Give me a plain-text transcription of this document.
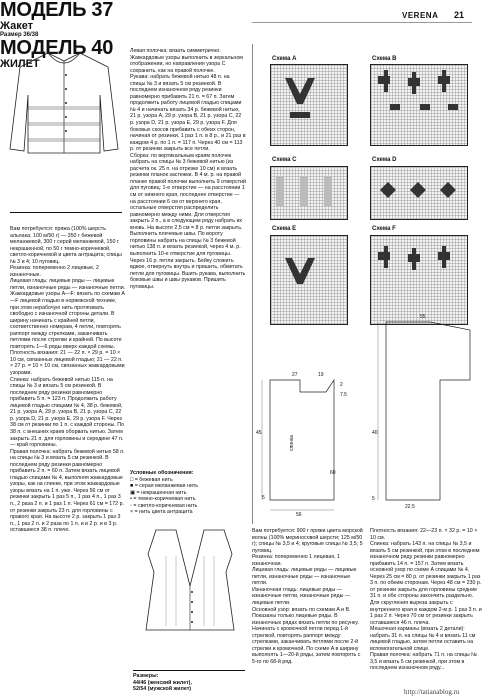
VERENA 21
МОДЕЛЬ 37
Жакет
Размер 36/38
Вам потребуется: пряжа (100% шерсть альпака; 100 м/50 г) — 350 г бежевой меланжевой, 300 г серой меланжевой, 150 г некрашенной, по 50 г темно-коричневой, светло-коричневой и цвета антрацита; спицы № 3 и 4; 10 пуговиц.
Резинка: попеременно 2 лицевые, 2 изнаночные.
Лицевая гладь: лицевые ряды — лицевые петли, изнаночные ряды — изнаночные петли.
Жаккардовые узоры A—F: вязать по схемам A—F лицевой гладью в норвежской технике, при этом нерабочую нить протягивать свободно с изнаночной стороны детали. В ширину начинать с крайней петли, соответственно номерам, 4 петли, повторять раппорт между стрелками, заканчивать петлями после стрелки и крайней. По высоте повторять 1—6 ряды вверх каждой схемы.
Плотность вязания: 21 — 22 п. × 29 р. = 10 × 10 см, связанных лицевой гладью; 21 — 22 п. × 27 р. = 10 × 10 см, связанных жаккардовыми узорами.
Спинка: набрать бежевой нитью 115 п. на спицы № 3 и вязать 5 см резинкой. В последнем ряду резинки равномерно прибавить 5 п. = 123 п. Продолжить работу лицевой гладью спицами № 4, 38 р. бежевой, 21 р. узора A, 29 р. узора B, 21 р. узора C, 22 р. узора D, 21 р. узора E, 29 р. узора F. Через 38 см от резинки по 1 п. с каждой стороны. По 38 п. с внешних краев оборвать нитью. Затем закрыть 21 п. для горловины и середине 47 п. — край горловины.
Правая полочка: набрать бежевой нитью 58 п. на спицы № 3 и вязать 5 см резинкой. В последнем ряду резинки равномерно прибавить 2 п. = 60 п. Затем вязать лицевой гладью спицами № 4, выполняя жаккардовые узоры, как на спинке, при этом жаккардовые узоры вязать на 1 п. уже. Через 56 см от резинки закрыть 1 раз 5 п., 1 раз 4 п., 1 раз 3 п., 2 раза 2 п. и 1 раз 1 п. Через 61 см = 172 р. от резинки закрыть 23 п. для горловины с правого края. На высоте 2 р. закрыть 1 раз 3 п., 1 раз 2 п. и 2 раза по 1 п. и в 2 р. и в 3 р. оставшиеся 38 п. плечо.
Левая полочка: вязать симметрично. Жаккардовые узоры выполнить в зеркальном отображении, но направления узора C сохранить, как на правой полочке.
Рукава: набрать бежевой нитью 48 п. на спицы № 3 и вязать 5 см резинкой. В последнем изнаночном ряду резинки равномерно прибавить 21 п. = 67 п. Затем продолжить работу лицевой гладью спицами № 4 и начинать вязать 34 р. бежевой нитью, 21 р. узора A, 29 р. узора B, 21 р. узора C, 22 р. узора D, 21 р. узора E, 29 р. узора F. Для боковых скосов прибавить с обеих сторон, начиная от резинки, 1 раз 1 п. в 8 р., и 21 раз в каждом 4 р. по 1 п. = 117 п. Через 40 см = 113 р. от резинки закрыть все петли.
Сборка: по вертикальным краям полочек набрать на спицы № 3 бежевой нитью (из расчета ок. 25 п. на отрезке 10 см) и вязать резинки планок застежки. В 4 м. р. на правой планке правой полочки выполнить 9 отверстий для пуговиц: 1-е отверстие — на расстоянии 1 см от нижнего края, последнее отверстие — на расстоянии 6 см от верхнего края, остальные отверстия распределить равномерно между ними. Для отверстия закрыть 2 п., а в следующем ряду набрать их вновь. На высоте 2,5 см = 8 р. петли закрыть. Выполнить плечевые швы. По вороту горловины набрать на спицы № 3 бежевой нитью 138 п. и вязать резинкой, через 4 м. р. выполнить 10-е отверстие для пуговицы. Через 16 р. петли закрыть. Бейку сложить вдвое, отвернуть внутрь и пришить, обметать петли для пуговицы. Вшить рукава, выполнить боковые швы и швы рукавов. Пришить пуговицы.
Условные обозначения:
□ = бежевая нить
■ = серая меланжевая нить
▣ = некрашенная нить
• = темно-коричневая нить
◦ = светло-коричневая нить
× = нить цвета антрацита
Схема A	Схема B
Схема C	Схема D
Схема E	Схема F
спинка
27
45
60
5
2
19
7.5
56
55
40
5
22.5
МОДЕЛЬ 40
ЖИЛЕТ
Размеры:
44/46 (женский жилет),
52/54 (мужской жилет)
Вам потребуется: 900 г пряжи цвета морской волны (100% мериносовой шерсти; 125 м/50 г); спицы № 3,5 и 4; круговые спицы № 3,5; 5 пуговиц.
Резинка: попеременно 1 лицевая, 1 изнаночная.
Лицевая гладь: лицевые ряды — лицевые петли, изнаночные ряды — изнаночные петли.
Изнаночная гладь: лицевые ряды — изнаночные петли, изнаночные ряды — лицевые петли.
Основной узор: вязать по схемам A и B. Показаны только лицевые ряды. В изнаночных рядах вязать петли по рисунку. Начинать с кромочной петли перед 1-й стрелкой, повторять раппорт между стрелками, заканчивать петлями после 2-й стрелки и кромочной. По схеме A в ширину выполнять 1—20-й ряды, затем повторять с 5-го по 68-й ряд.
Плотность вязания: 22—23 п. × 32 р. = 10 × 10 см.
Спинка: набрать 143 п. на спицы № 3,5 и вязать 5 см резинкой, при этом в последнем изнаночном ряду резинки равномерно прибавить 14 п. = 157 п. Затем вязать основной узор по схеме A спицами № 4. Через 25 см = 80 р. от резинки закрыть 1 раз 3 п. по обеим сторонам. Через 48 см = 230 р. от резинки закрыть для горловины средние 31 п. и обе стороны закончить раздельно. Для скругления выреза закрыть с внутреннего края в каждом 2-м р. 1 раз 3 п. и 1 раз 2 п. Через 70 см от резинки закрыть оставшиеся 46 п. плеча.
Мешочная карманы (вязать 2 детали): набрать 31 п. на спицы № 4 и вязать 11 см лицевой гладью, затем петли оставить на вспомогательной спице.
Правая полочка: набрать 71 п. на спицы № 3,5 и вязать 5 см резинкой, при этом в последнем изнаночном ряду...
http://tatianablog.ru
